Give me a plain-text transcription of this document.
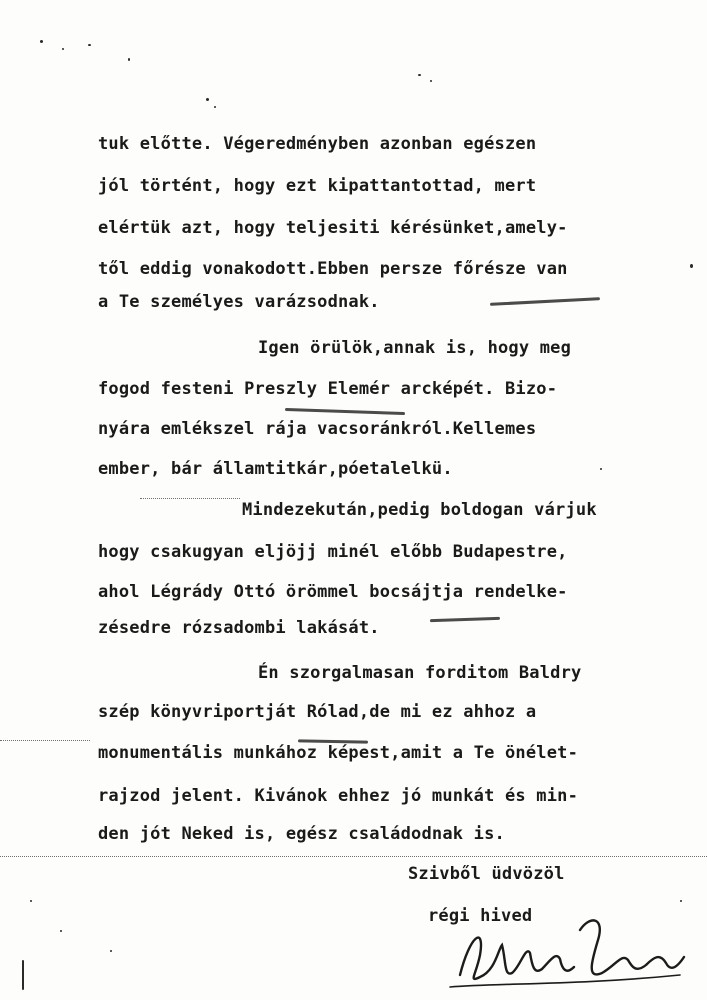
tuk előtte. Végeredményben azonban egészen
jól történt, hogy ezt kipattantottad, mert
elértük azt, hogy teljesiti kérésünket,amely-
től eddig vonakodott.Ebben persze főrésze van
a Te személyes varázsodnak.
Igen örülök,annak is, hogy meg
fogod festeni Preszly Elemér arcképét. Bizo-
nyára emlékszel rája vacsoránkról.Kellemes
ember, bár államtitkár,póetalelkü.
Mindezekután,pedig boldogan várjuk
hogy csakugyan eljöjj minél előbb Budapestre,
ahol Légrády Ottó örömmel bocsájtja rendelke-
zésedre rózsadombi lakását.
Én szorgalmasan forditom Baldry
szép könyvriportját Rólad,de mi ez ahhoz a
monumentális munkához képest,amit a Te önélet-
rajzod jelent. Kivánok ehhez jó munkát és min-
den jót Neked is, egész családodnak is.
Szivből üdvözöl
régi hived
